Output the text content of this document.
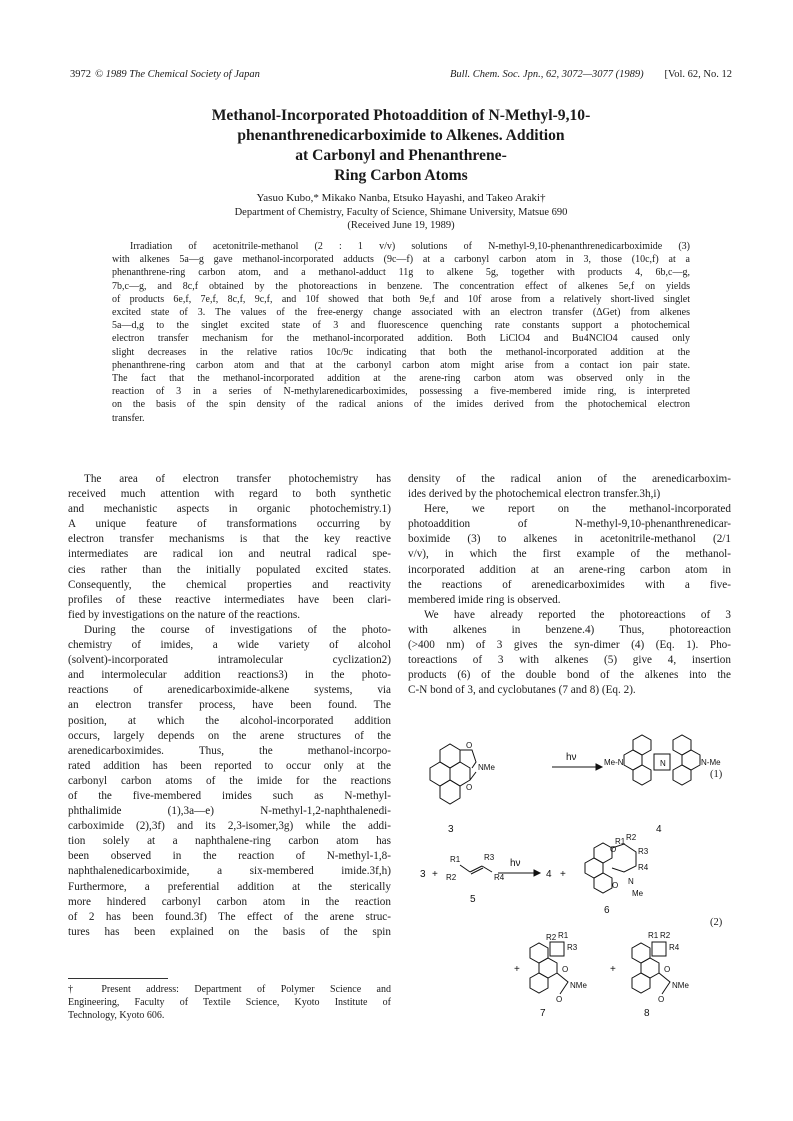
3972 © 1989 The Chemical Society of Japan	Bull. Chem. Soc. Jpn., 62, 3072—3077 (1989) [Vol. 62, No. 12
Methanol-Incorporated Photoaddition of N-Methyl-9,10-
phenanthrenedicarboximide to Alkenes. Addition
at Carbonyl and Phenanthrene-
Ring Carbon Atoms
Yasuo Kubo,* Mikako Nanba, Etsuko Hayashi, and Takeo Araki†
Department of Chemistry, Faculty of Science, Shimane University, Matsue 690
(Received June 19, 1989)
Irradiation of acetonitrile-methanol (2 : 1 v/v) solutions of N-methyl-9,10-phenanthrenedicarboximide (3)
with alkenes 5a—g gave methanol-incorporated adducts (9c—f) at a carbonyl carbon atom in 3, those (10c,f) at a
phenanthrene-ring carbon atom, and a methanol-adduct 11g to alkene 5g, together with products 4, 6b,c—g,
7b,c—g, and 8c,f obtained by the photoreactions in benzene. The concentration effect of alkenes 5e,f on yields
of products 6e,f, 7e,f, 8c,f, 9c,f, and 10f showed that both 9e,f and 10f arose from a relatively short-lived singlet
excited state of 3. The values of the free-energy change associated with an electron transfer (ΔGet) from alkenes
5a—d,g to the singlet excited state of 3 and fluorescence quenching rate constants support a photochemical
electron transfer mechanism for the methanol-incorporated addition. Both LiClO4 and Bu4NClO4 caused only
slight decreases in the relative ratios 10c/9c indicating that both the methanol-incorporated addition at the
phenanthrene-ring carbon atom and that at the carbonyl carbon atom might arise from a contact ion pair state.
The fact that the methanol-incorporated addition at the arene-ring carbon atom was observed only in the
reaction of 3 in a series of N-methylarenedicarboximides, possessing a five-membered imide ring, is interpreted
on the basis of the spin density of the radical anions of the imides derived from the photochemical electron
transfer.
The area of electron transfer photochemistry has
received much attention with regard to both synthetic
and mechanistic aspects in organic photochemistry.1)
A unique feature of transformations occurring by
electron transfer mechanisms is that the key reactive
intermediates are radical ion and neutral radical spe-
cies rather than the initially populated excited states.
Consequently, the chemical properties and reactivity
profiles of these reactive intermediates have been clari-
fied by investigations on the nature of the reactions.
During the course of investigations of the photo-
chemistry of imides, a wide variety of alcohol
(solvent)-incorporated intramolecular cyclization2)
and intermolecular addition reactions3) in the photo-
reactions of arenedicarboximide-alkene systems, via
an electron transfer process, have been found. The
position, at which the alcohol-incorporated addition
occurs, largely depends on the arene structures of the
arenedicarboximides. Thus, the methanol-incorpo-
rated addition has been reported to occur only at the
carbonyl carbon atoms of the imide for the reactions
of the five-membered imides such as N-methyl-
phthalimide (1),3a—e) N-methyl-1,2-naphthalenedi-
carboximide (2),3f) and its 2,3-isomer,3g) while the addi-
tion solely at a naphthalene-ring carbon atom has
been observed in the reaction of N-methyl-1,8-
naphthalenedicarboximide, a six-membered imide.3f,h)
Furthermore, a preferential addition at the sterically
more hindered carbonyl carbon atom in the reaction
of 2 has been found.3f) The effect of the arene struc-
tures has been explained on the basis of the spin
density of the radical anion of the arenedicarboxim-
ides derived by the photochemical electron transfer.3h,i)
Here, we report on the methanol-incorporated
photoaddition of N-methyl-9,10-phenanthrenedicar-
boximide (3) to alkenes in acetonitrile-methanol (2/1
v/v), in which the first example of the methanol-
incorporated addition at an arene-ring carbon atom in
the reactions of arenedicarboximides with a five-
membered imide ring is observed.
We have already reported the photoreactions of 3
with alkenes in benzene.4) Thus, photoreaction
(>400 nm) of 3 gives the syn-dimer (4) (Eq. 1). Pho-
toreactions of 3 with alkenes (5) give 4, insertion
products (6) of the double bond of the alkenes into the
C-N bond of 3, and cyclobutanes (7 and 8) (Eq. 2).
O
NMe
O
Me-N	N	N-Me
R1	R3
R2	R4
R1 R2
R3
R4
N
Me
O
O
R2 R1
R3
O
NMe
O
R1 R2
R4
O
NMe
O
hν
hν
3	4
3 +
5
4 +
6
+	+
7	8
(1)
(2)
† Present address: Department of Polymer Science and
Engineering, Faculty of Textile Science, Kyoto Institute of
Technology, Kyoto 606.
